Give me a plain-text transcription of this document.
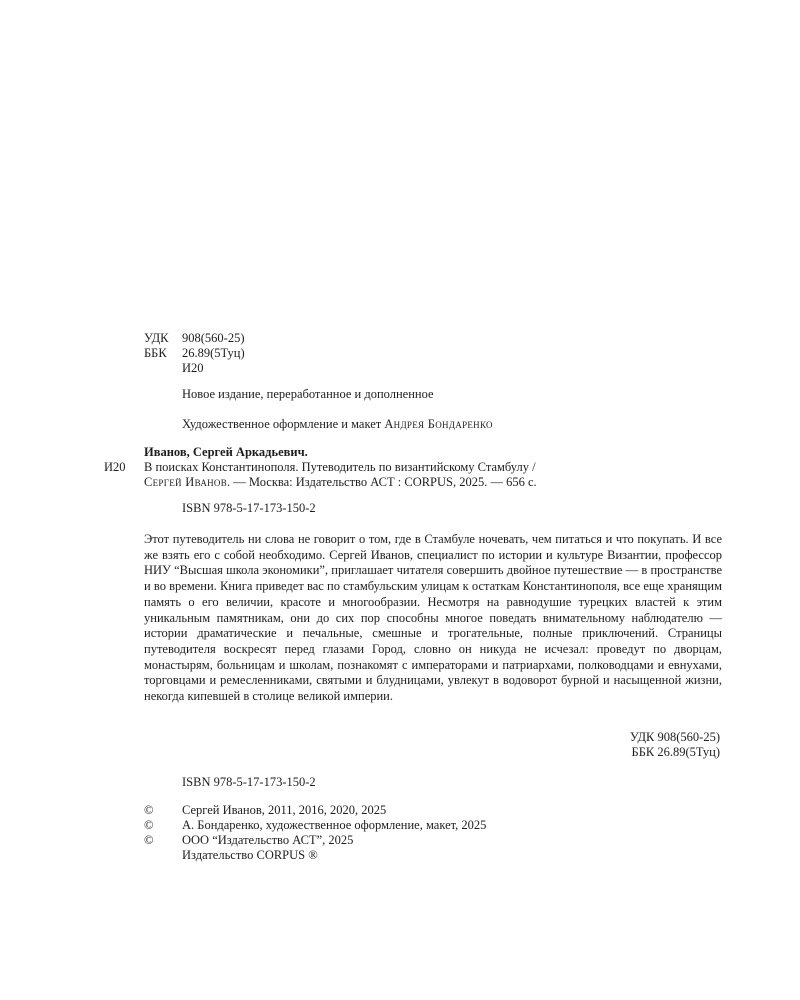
УДК 908(560-25)
ББК 26.89(5Туц)
И20
Новое издание, переработанное и дополненное
Художественное оформление и макет Андрея Бондаренко
Иванов, Сергей Аркадьевич.
И20 В поисках Константинополя. Путеводитель по византийскому Стамбулу /
Сергей Иванов. — Москва: Издательство АСТ : CORPUS, 2025. — 656 с.
ISBN 978-5-17-173-150-2
Этот путеводитель ни слова не говорит о том, где в Стамбуле ночевать, чем питаться и что покупать. И все же взять его с собой необходимо. Сергей Иванов, специалист по истории и культуре Византии, профессор НИУ “Высшая школа экономики”, приглашает читателя совершить двойное путешествие — в пространстве и во времени. Книга приведет вас по стамбульским улицам к остаткам Константинополя, все еще хранящим память о его величии, красоте и многообразии. Несмотря на равнодушие турецких властей к этим уникальным памятникам, они до сих пор способны многое поведать внимательному наблюдателю — истории драматические и печальные, смешные и трогательные, полные приключений. Страницы путеводителя воскресят перед глазами Город, словно он никуда не исчезал: проведут по дворцам, монастырям, больницам и школам, познакомят с императорами и патриархами, полководцами и евнухами, торговцами и ремесленниками, святыми и блудницами, увлекут в водоворот бурной и насыщенной жизни, некогда кипевшей в столице великой империи.
УДК 908(560-25)
ББК 26.89(5Туц)
ISBN 978-5-17-173-150-2
© Сергей Иванов, 2011, 2016, 2020, 2025
© А. Бондаренко, художественное оформление, макет, 2025
© ООО “Издательство АСТ”, 2025
Издательство CORPUS ®
